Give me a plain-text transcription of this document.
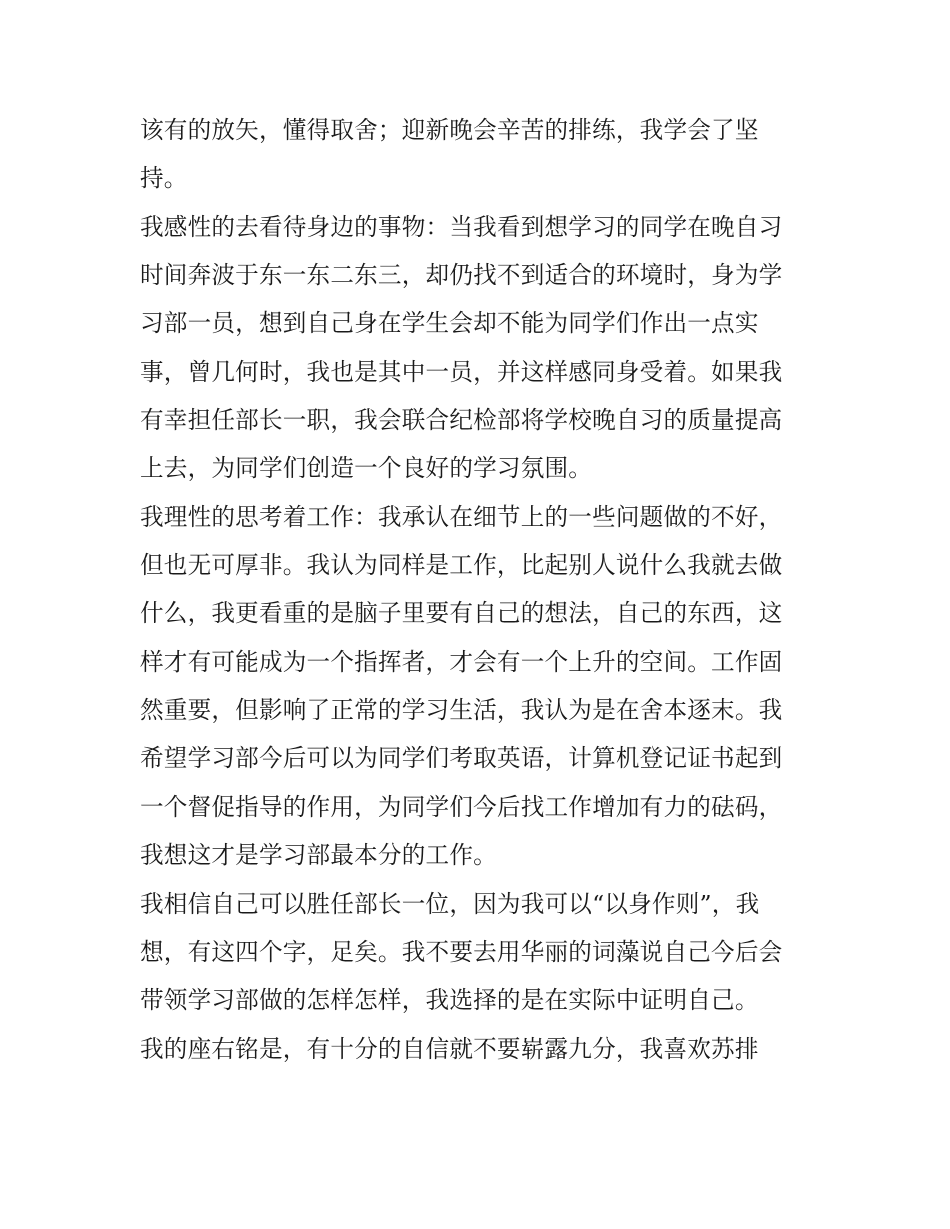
该有的放矢，懂得取舍；迎新晚会辛苦的排练，我学会了坚
持。
我感性的去看待身边的事物：当我看到想学习的同学在晚自习
时间奔波于东一东二东三，却仍找不到适合的环境时，身为学
习部一员，想到自己身在学生会却不能为同学们作出一点实
事，曾几何时，我也是其中一员，并这样感同身受着。如果我
有幸担任部长一职，我会联合纪检部将学校晚自习的质量提高
上去，为同学们创造一个良好的学习氛围。
我理性的思考着工作：我承认在细节上的一些问题做的不好，
但也无可厚非。我认为同样是工作，比起别人说什么我就去做
什么，我更看重的是脑子里要有自己的想法，自己的东西，这
样才有可能成为一个指挥者，才会有一个上升的空间。工作固
然重要，但影响了正常的学习生活，我认为是在舍本逐末。我
希望学习部今后可以为同学们考取英语，计算机登记证书起到
一个督促指导的作用，为同学们今后找工作增加有力的砝码，
我想这才是学习部最本分的工作。
我相信自己可以胜任部长一位，因为我可以“以身作则”，我
想，有这四个字，足矣。我不要去用华丽的词藻说自己今后会
带领学习部做的怎样怎样，我选择的是在实际中证明自己。
我的座右铭是，有十分的自信就不要崭露九分，我喜欢苏排
